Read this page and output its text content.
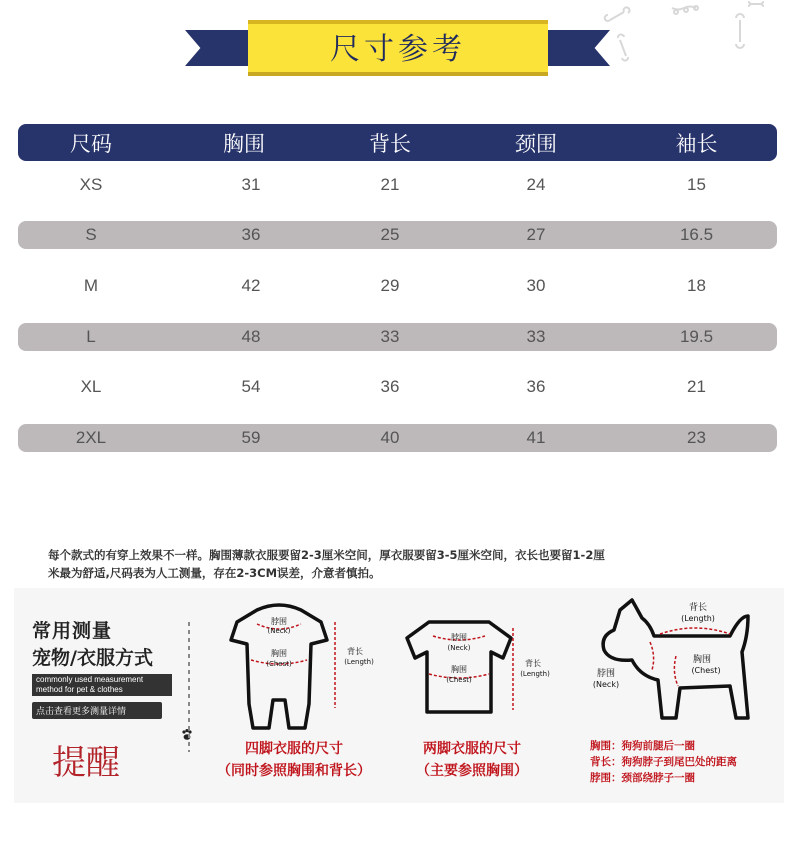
尺寸参考
尺码	胸围	背长	颈围	袖长
XS	31	21	24	15
S	36	25	27	16.5
M	42	29	30	18
L	48	33	33	19.5
XL	54	36	36	21
2XL	59	40	41	23
每个款式的有穿上效果不一样。胸围薄款衣服要留2-3厘米空间，厚衣服要留3-5厘米空间，衣长也要留1-2厘
米最为舒适,尺码表为人工测量，存在2-3CM误差，介意者慎拍。
常用测量
宠物/衣服方式
commonly used measurement
method for pet & clothes
点击查看更多测量详情
脖围
(Neck)
胸围
(Chest)
背长
(Length)
四脚衣服的尺寸
（同时参照胸围和背长）
脖围
(Neck)
胸围
(Chest)
背长
(Length)
两脚衣服的尺寸
（主要参照胸围）
背长
(Length)
脖围
(Neck)
胸围
(Chest)
提醒	胸围：狗狗前腿后一圈
背长：狗狗脖子到尾巴处的距离
脖围：颈部绕脖子一圈
